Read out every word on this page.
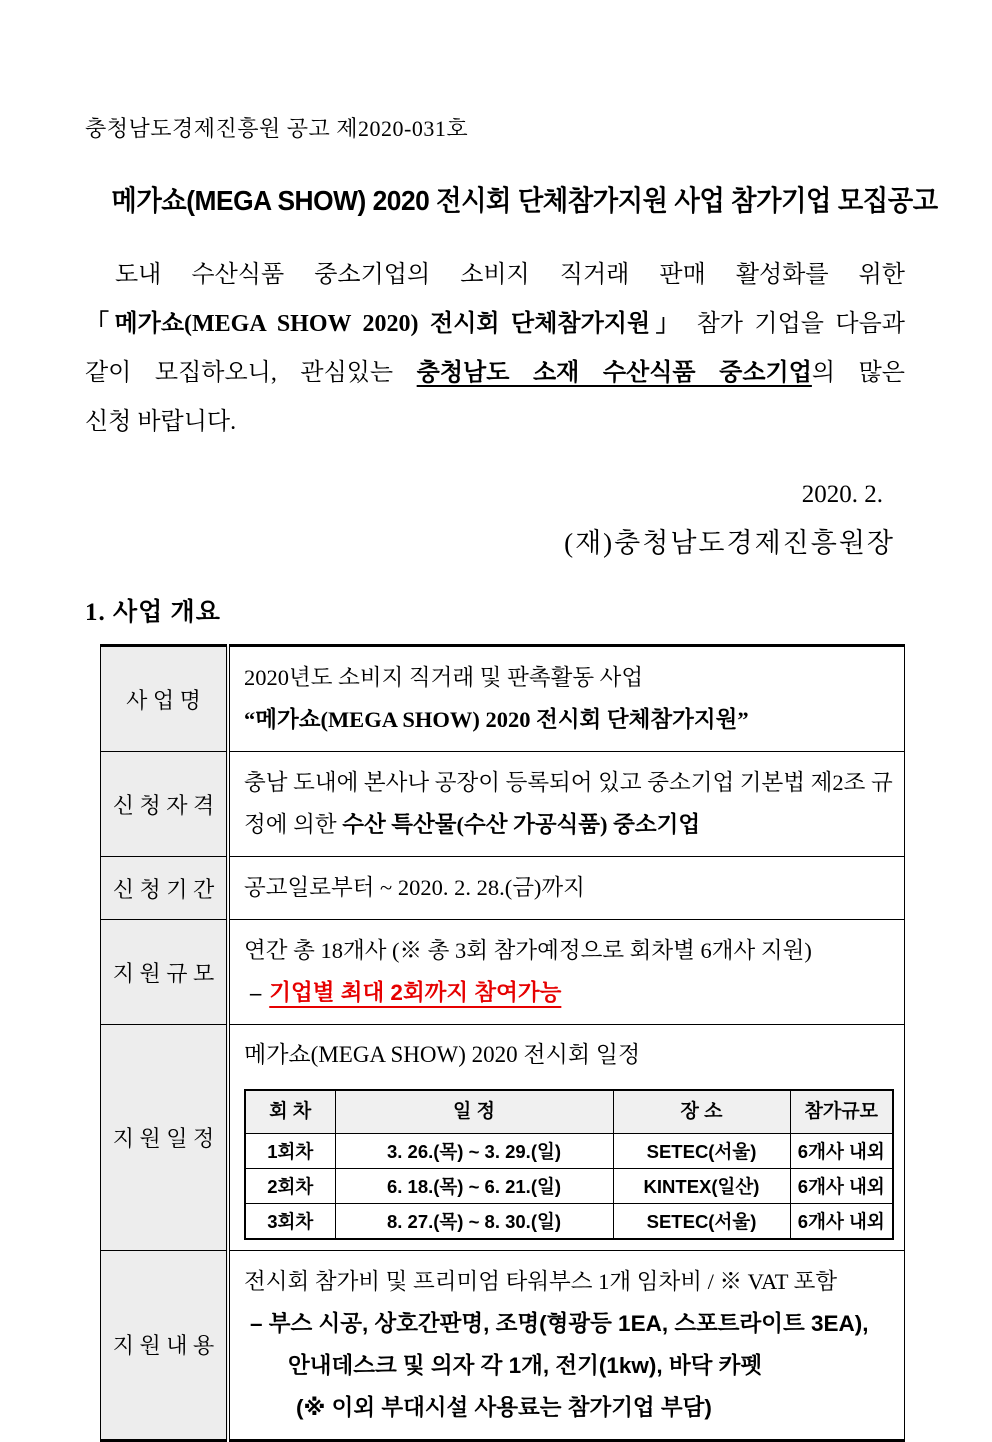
충청남도경제진흥원 공고 제2020-031호
메가쇼(MEGA SHOW) 2020 전시회 단체참가지원 사업 참가기업 모집공고
도내 수산식품 중소기업의 소비지 직거래 판매 활성화를 위한
「메가쇼(MEGA SHOW 2020) 전시회 단체참가지원」 참가 기업을 다음과
같이 모집하오니, 관심있는 충청남도 소재 수산식품 중소기업의 많은
신청 바랍니다.
2020. 2.
(재)충청남도경제진흥원장
1. 사업 개요
사 업 명	
2020년도 소비지 직거래 및 판촉활동 사업
“메가쇼(MEGA SHOW) 2020 전시회 단체참가지원”

신 청 자 격	충남 도내에 본사나 공장이 등록되어 있고 중소기업 기본법 제2조 규정에 의한 수산 특산물(수산 가공식품) 중소기업
신 청 기 간	공고일로부터 ~ 2020. 2. 28.(금)까지
지 원 규 모	
연간 총 18개사 (※ 총 3회 참가예정으로 회차별 6개사 지원)
– 기업별 최대 2회까지 참여가능

지 원 일 정	
메가쇼(MEGA SHOW) 2020 전시회 일정
회 차	일 정	장 소	참가규모
1회차	3. 26.(목) ~ 3. 29.(일)	SETEC(서울)	6개사 내외
2회차	6. 18.(목) ~ 6. 21.(일)	KINTEX(일산)	6개사 내외
3회차	8. 27.(목) ~ 8. 30.(일)	SETEC(서울)	6개사 내외

지 원 내 용	
전시회 참가비 및 프리미엄 타워부스 1개 임차비 / ※ VAT 포함
– 부스 시공, 상호간판명, 조명(형광등 1EA, 스포트라이트 3EA),
안내데스크 및 의자 각 1개, 전기(1kw), 바닥 카펫
(※ 이외 부대시설 사용료는 참가기업 부담)
